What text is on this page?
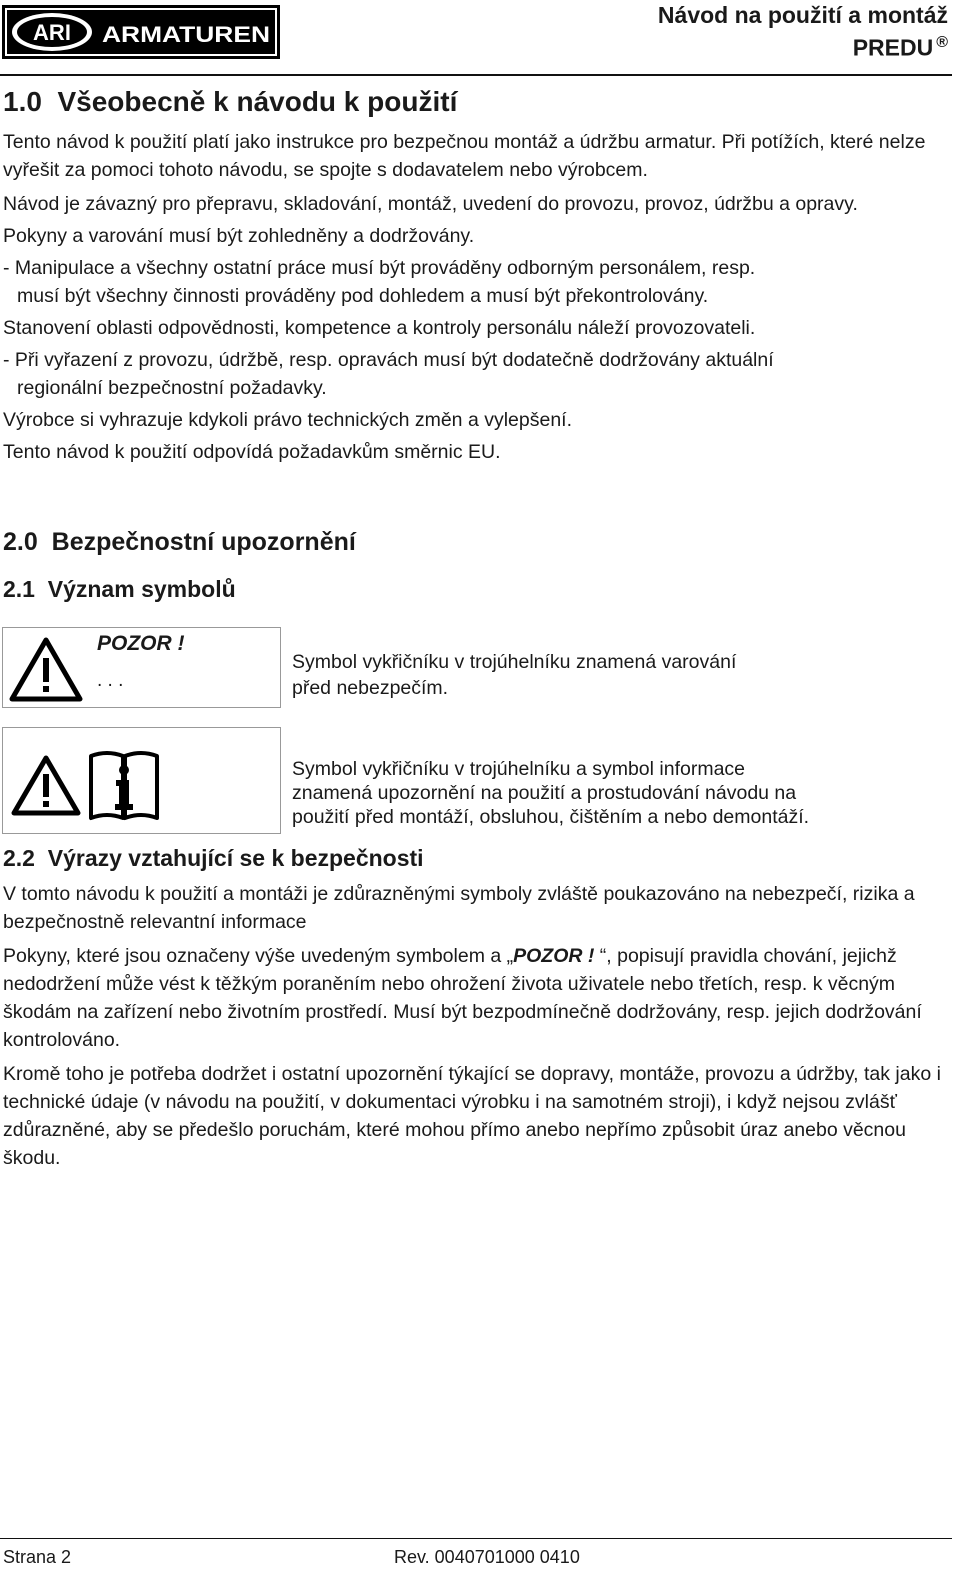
ARI ARMATUREN
Návod na použití a montáž
PREDU ®
1.0  Všeobecně k návodu k použití

Tento návod k použití platí jako instrukce pro bezpečnou montáž a údržbu armatur. Při potížích, které nelze vyřešit za pomoci tohoto návodu, se spojte s dodavatelem nebo výrobcem.

Návod je závazný pro přepravu, skladování, montáž, uvedení do provozu, provoz, údržbu a opravy.

Pokyny a varování musí být zohledněny a dodržovány.

- Manipulace a všechny ostatní práce musí být prováděny odborným personálem, resp.

musí být všechny činnosti prováděny pod dohledem a musí být překontrolovány.

Stanovení oblasti odpovědnosti, kompetence a kontroly personálu náleží provozovateli.

- Při vyřazení z provozu, údržbě, resp. opravách musí být dodatečně dodržovány aktuální

regionální bezpečnostní požadavky.

Výrobce si vyhrazuje kdykoli právo technických změn a vylepšení.

Tento návod k použití odpovídá požadavkům směrnic EU.

2.0  Bezpečnostní upozornění
2.1  Význam symbolů
POZOR !
. . .

Symbol vykřičníku v trojúhelníku znamená varování

před nebezpečím.

Symbol vykřičníku v trojúhelníku a symbol informace

znamená upozornění na použití a prostudování návodu na

použití před montáží, obsluhou, čištěním a nebo demontáží.

2.2  Výrazy vztahující se k bezpečnosti

V tomto návodu k použití a montáži je zdůrazněnými symboly zvláště poukazováno na nebezpečí, rizika a bezpečnostně relevantní informace

Pokyny, které jsou označeny výše uvedeným symbolem a „POZOR ! “, popisují pravidla chování, jejichž nedodržení může vést k těžkým poraněním nebo ohrožení života uživatele nebo třetích, resp. k věcným škodám na zařízení nebo životním prostředí. Musí být bezpodmínečně dodržovány, resp. jejich dodržování kontrolováno.

Kromě toho je potřeba dodržet i ostatní upozornění týkající se dopravy, montáže, provozu a údržby, tak jako i technické údaje (v návodu na použití, v dokumentaci výrobku i na samotném stroji), i když nejsou zvlášť zdůrazněné, aby se předešlo poruchám, které mohou přímo anebo nepřímo způsobit úraz anebo věcnou škodu.

Strana 2	Rev. 0040701000 0410
